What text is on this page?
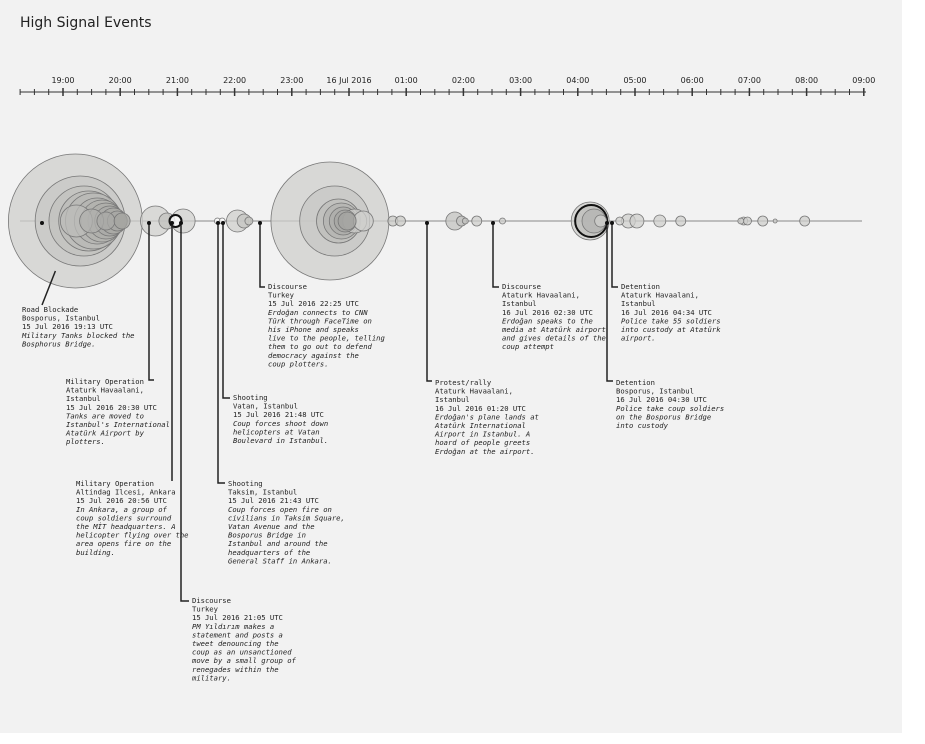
High Signal Events
19:00	20:00	21:00	22:00	23:00	16 Jul 2016	01:00	02:00	03:00	04:00	05:00	06:00	07:00	08:00	09:00
Road Blockade
Bosporus, Istanbul
15 Jul 2016 19:13 UTC
Military Tanks blocked the
Bosphorus Bridge.
Military Operation
Ataturk Havaalani,
Istanbul
15 Jul 2016 20:30 UTC
Tanks are moved to
Istanbul's International
Atatürk Airport by
plotters.
Military Operation
Altindag Ilcesi, Ankara
15 Jul 2016 20:56 UTC
In Ankara, a group of
coup soldiers surround
the MİT headquarters. A
helicopter flying over the
area opens fire on the
building.
Discourse
Turkey
15 Jul 2016 21:05 UTC
PM Yıldırım makes a
statement and posts a
tweet denouncing the
coup as an unsanctioned
move by a small group of
renegades within the
military.
Shooting
Taksim, Istanbul
15 Jul 2016 21:43 UTC
Coup forces open fire on
civilians in Taksim Square,
Vatan Avenue and the
Bosporus Bridge in
Istanbul and around the
headquarters of the
General Staff in Ankara.
Shooting
Vatan, Istanbul
15 Jul 2016 21:48 UTC
Coup forces shoot down
helicopters at Vatan
Boulevard in Istanbul.
Discourse
Turkey
15 Jul 2016 22:25 UTC
Erdoğan connects to CNN
Türk through FaceTime on
his iPhone and speaks
live to the people, telling
them to go out to defend
democracy against the
coup plotters.
Protest/rally
Ataturk Havaalani,
Istanbul
16 Jul 2016 01:20 UTC
Erdoğan's plane lands at
Atatürk International
Airport in Istanbul. A
hoard of people greets
Erdoğan at the airport.
Discourse
Ataturk Havaalani,
Istanbul
16 Jul 2016 02:30 UTC
Erdoğan speaks to the
media at Atatürk airport
and gives details of the
coup attempt
Detention
Ataturk Havaalani,
Istanbul
16 Jul 2016 04:34 UTC
Police take 55 soldiers
into custody at Atatürk
airport.
Detention
Bosporus, Istanbul
16 Jul 2016 04:30 UTC
Police take coup soldiers
on the Bosporus Bridge
into custody
